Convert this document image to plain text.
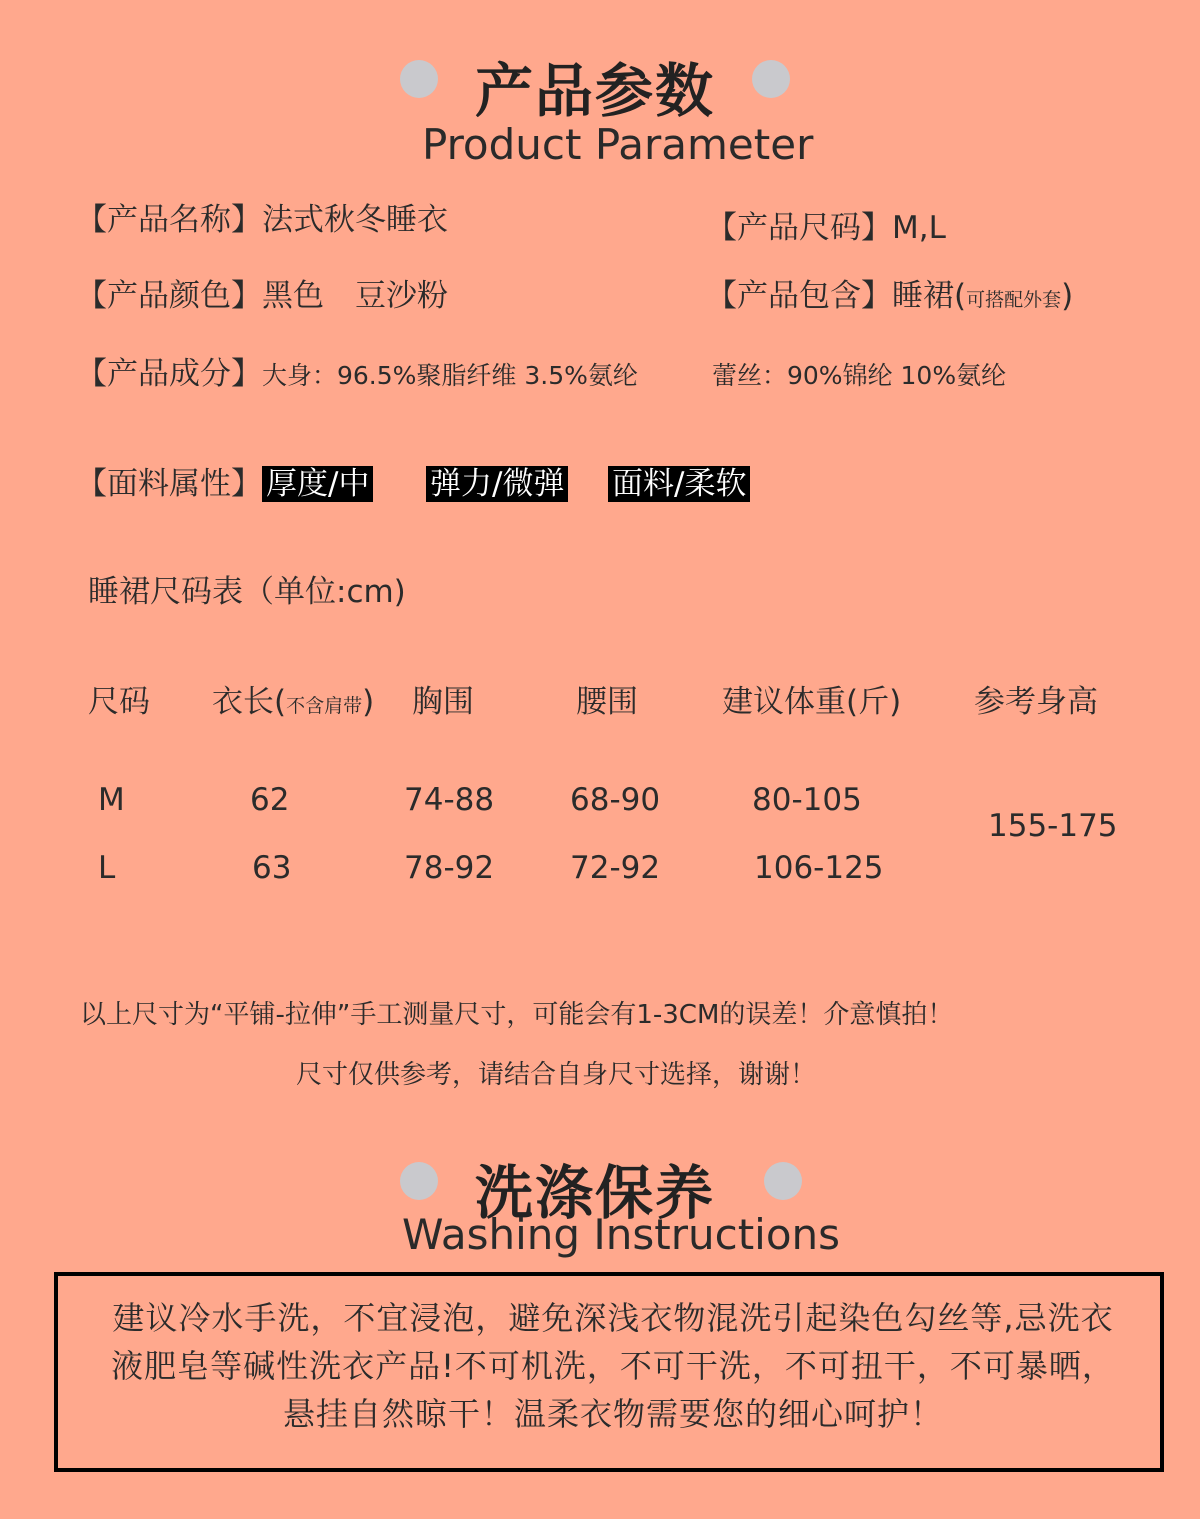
产品参数
Product Parameter
【产品名称】法式秋冬睡衣	【产品尺码】M,L
【产品颜色】黑色　豆沙粉	【产品包含】睡裙(可搭配外套)
【产品成分】大身：96.5%聚脂纤维 3.5%氨纶	蕾丝：90%锦纶 10%氨纶
【面料属性】 厚度/中 弹力/微弹 面料/柔软
睡裙尺码表（单位:cm)
尺码 衣长(不含肩带) 胸围	腰围	建议体重(斤) 参考身高
M	62	74-88 68-90	80-105
L	63	78-92 72-92	106-125
155-175
以上尺寸为“平铺-拉伸”手工测量尺寸，可能会有1-3CM的误差！介意慎拍！
尺寸仅供参考，请结合自身尺寸选择，谢谢！
洗涤保养
Washing Instructions
建议冷水手洗，不宜浸泡，避免深浅衣物混洗引起染色勾丝等,忌洗衣液肥皂等碱性洗衣产品!不可机洗，不可干洗，不可扭干，不可暴晒，悬挂自然晾干！温柔衣物需要您的细心呵护！
